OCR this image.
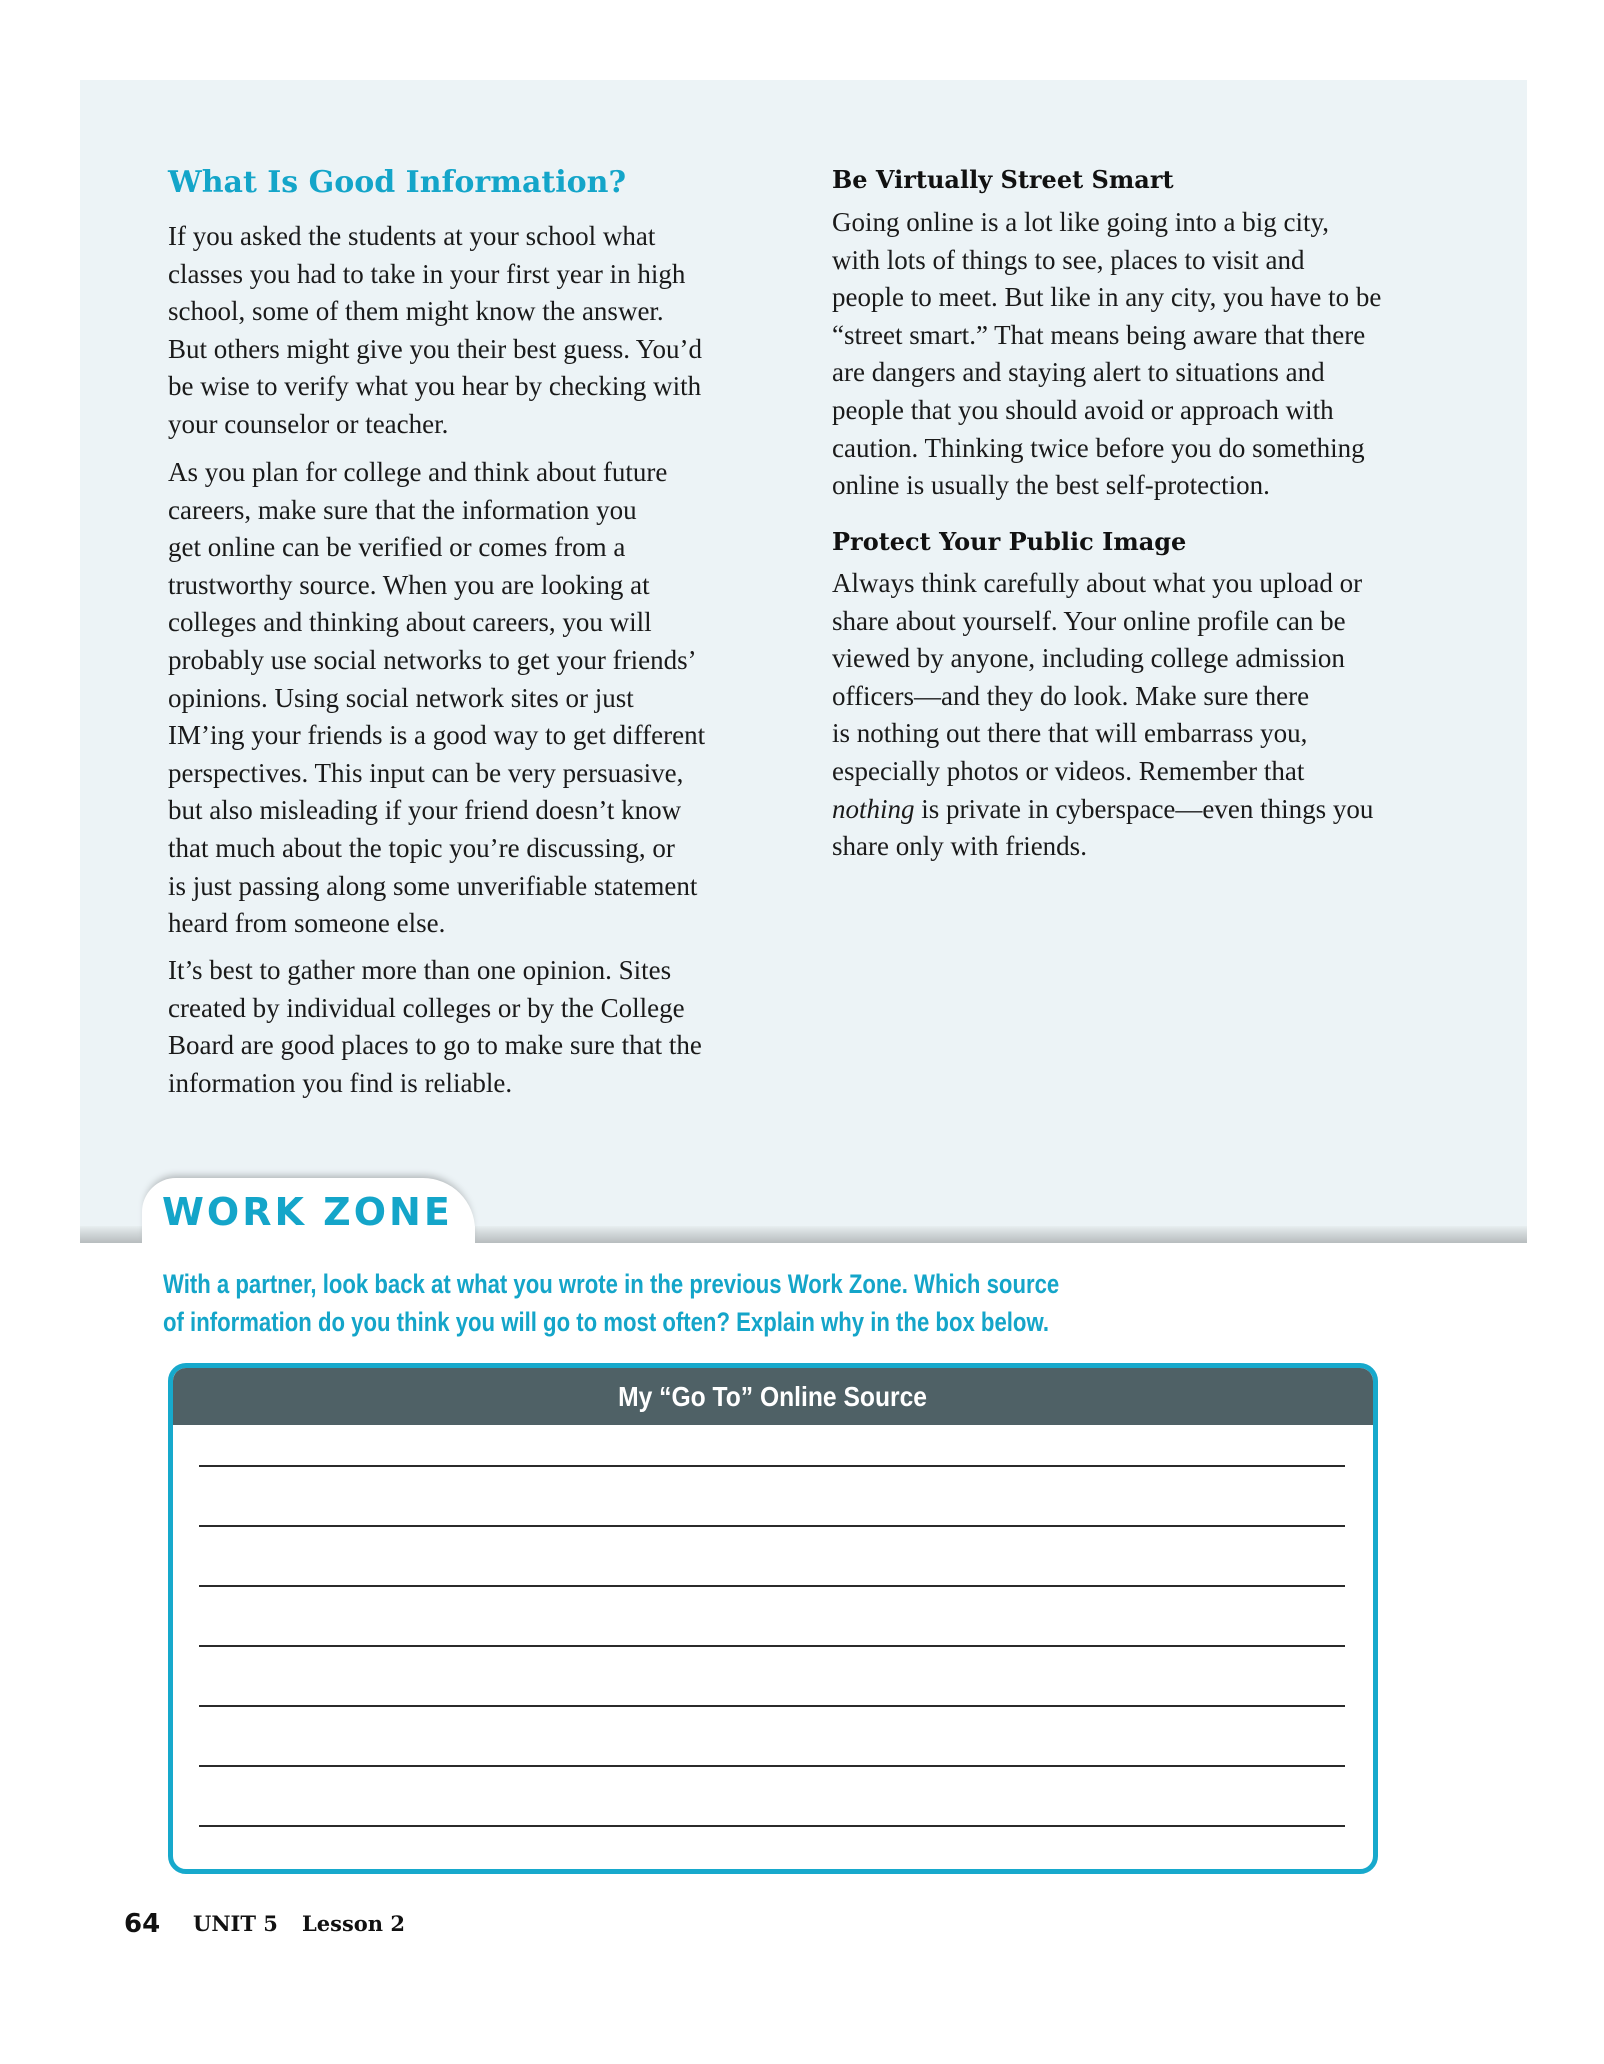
What Is Good Information?

If you asked the students at your school what
classes you had to take in your first year in high
school, some of them might know the answer.
But others might give you their best guess. You’d
be wise to verify what you hear by checking with
your counselor or teacher.

As you plan for college and think about future
careers, make sure that the information you
get online can be verified or comes from a
trustworthy source. When you are looking at
colleges and thinking about careers, you will
probably use social networks to get your friends’
opinions. Using social network sites or just
IM’ing your friends is a good way to get different
perspectives. This input can be very persuasive,
but also misleading if your friend doesn’t know
that much about the topic you’re discussing, or
is just passing along some unverifiable statement
heard from someone else.

It’s best to gather more than one opinion. Sites
created by individual colleges or by the College
Board are good places to go to make sure that the
information you find is reliable.

Be Virtually Street Smart

Going online is a lot like going into a big city,
with lots of things to see, places to visit and
people to meet. But like in any city, you have to be
“street smart.” That means being aware that there
are dangers and staying alert to situations and
people that you should avoid or approach with
caution. Thinking twice before you do something
online is usually the best self-protection.

Protect Your Public Image

Always think carefully about what you upload or
share about yourself. Your online profile can be
viewed by anyone, including college admission
officers—and they do look. Make sure there
is nothing out there that will embarrass you,
especially photos or videos. Remember that
nothing is private in cyberspace—even things you
share only with friends.

WORK ZONE

With a partner, look back at what you wrote in the previous Work Zone. Which source
of information do you think you will go to most often? Explain why in the box below.

My “Go To” Online Source
64 UNIT 5 Lesson 2
